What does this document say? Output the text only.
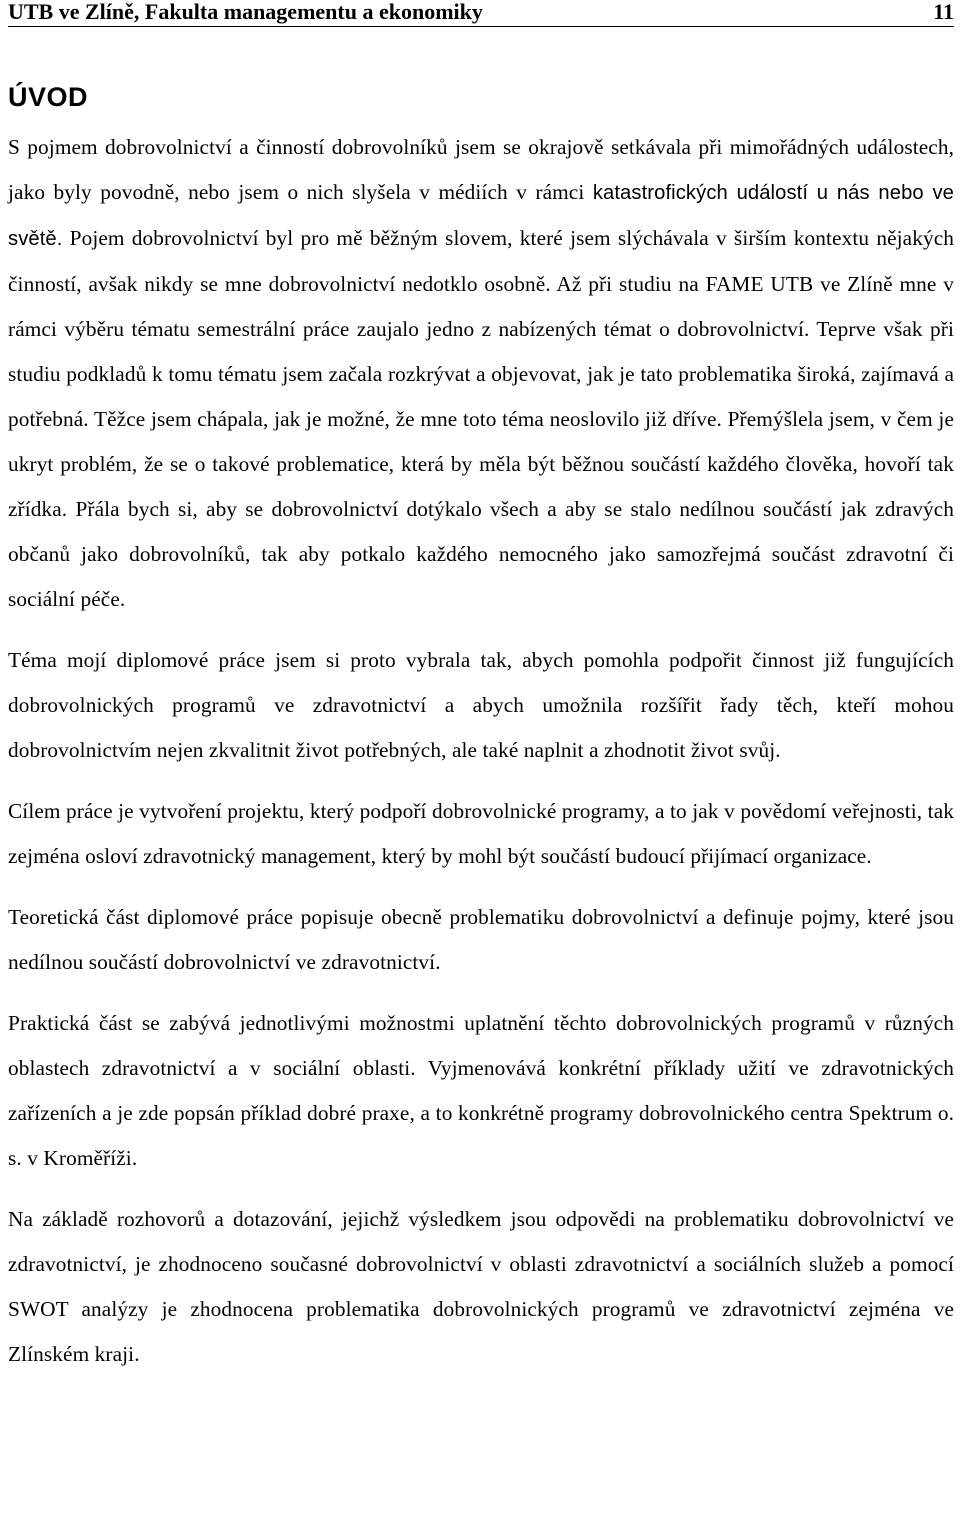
UTB ve Zlíně, Fakulta managementu a ekonomiky	11
ÚVOD

S pojmem dobrovolnictví a činností dobrovolníků jsem se okrajově setkávala při mimořádných událostech, jako byly povodně, nebo jsem o nich slyšela v médiích v rámci katastrofických událostí u nás nebo ve světě. Pojem dobrovolnictví byl pro mě běžným slovem, které jsem slýchávala v širším kontextu nějakých činností, avšak nikdy se mne dobrovolnictví nedotklo osobně. Až při studiu na FAME UTB ve Zlíně mne v rámci výběru tématu semestrální práce zaujalo jedno z nabízených témat o dobrovolnictví. Teprve však při studiu podkladů k tomu tématu jsem začala rozkrývat a objevovat, jak je tato problematika široká, zajímavá a potřebná. Těžce jsem chápala, jak je možné, že mne toto téma neoslovilo již dříve. Přemýšlela jsem, v čem je ukryt problém, že se o takové problematice, která by měla být běžnou součástí každého člověka, hovoří tak zřídka. Přála bych si, aby se dobrovolnictví dotýkalo všech a aby se stalo nedílnou součástí jak zdravých občanů jako dobrovolníků, tak aby potkalo každého nemocného jako samozřejmá součást zdravotní či sociální péče.

Téma mojí diplomové práce jsem si proto vybrala tak, abych pomohla podpořit činnost již fungujících dobrovolnických programů ve zdravotnictví a abych umožnila rozšířit řady těch, kteří mohou dobrovolnictvím nejen zkvalitnit život potřebných, ale také naplnit a zhodnotit život svůj.

Cílem práce je vytvoření projektu, který podpoří dobrovolnické programy, a to jak v povědomí veřejnosti, tak zejména osloví zdravotnický management, který by mohl být součástí budoucí přijímací organizace.

Teoretická část diplomové práce popisuje obecně problematiku dobrovolnictví a definuje pojmy, které jsou nedílnou součástí dobrovolnictví ve zdravotnictví.

Praktická část se zabývá jednotlivými možnostmi uplatnění těchto dobrovolnických programů v různých oblastech zdravotnictví a v sociální oblasti. Vyjmenovává konkrétní příklady užití ve zdravotnických zařízeních a je zde popsán příklad dobré praxe, a to konkrétně programy dobrovolnického centra Spektrum o. s. v Kroměříži.

Na základě rozhovorů a dotazování, jejichž výsledkem jsou odpovědi na problematiku dobrovolnictví ve zdravotnictví, je zhodnoceno současné dobrovolnictví v oblasti zdravotnictví a sociálních služeb a pomocí SWOT analýzy je zhodnocena problematika dobrovolnických programů ve zdravotnictví zejména ve Zlínském kraji.
